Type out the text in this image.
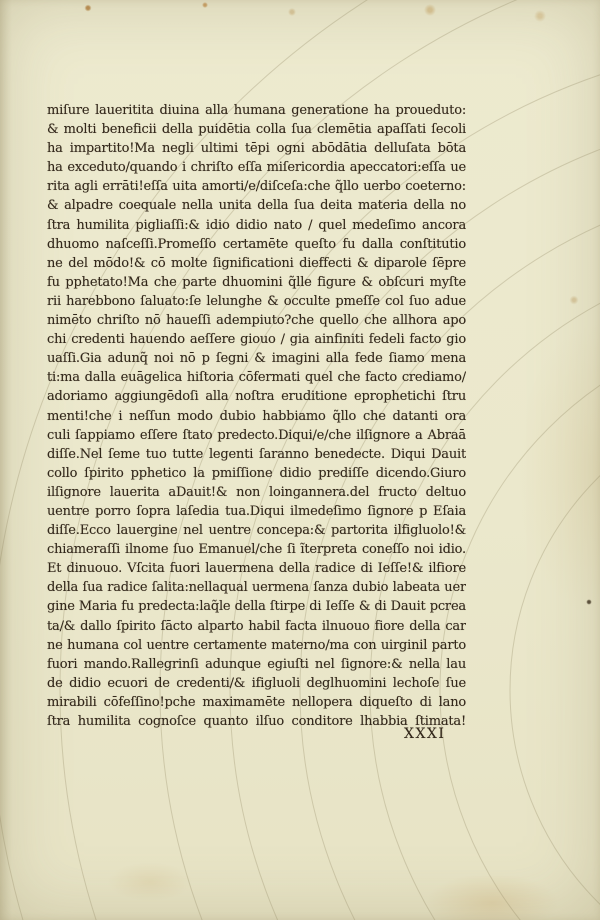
miſure laueritita diuina alla humana generatione ha proueduto:
& molti beneficii della puidētia colla ſua clemētia apaſſati ſecoli
ha impartito!Ma negli ultimi tēpi ogni abōdātia delluſata bōta
ha exceduto/quando i chriſto eſſa miſericordia apeccatori:eſſa ue
rita agli errāti!eſſa uita amorti/e/diſceſa:che q̃llo uerbo coeterno:
& alpadre coequale nella unita della ſua deita materia della no
ſtra humilita pigliaſſi:& idio didio nato / quel medeſimo ancora
dhuomo naſceſſi.Promeſſo certamēte queſto fu dalla conſtitutio
ne del mōdo!& cō molte ſignificationi dieffecti & diparole ſēpre
fu pphetato!Ma che parte dhuomini q̃lle figure & obſcuri myſte
rii harebbono ſaluato:ſe lelunghe & occulte pmeſſe col ſuo adue
nimēto chriſto nō haueſſi adempiuto?che quello che allhora apo
chi credenti hauendo aeſſere giouo / gia ainfiniti fedeli facto gio
uaſſi.Gia adunq̃ noi nō p ſegni & imagini alla fede ſiamo mena
ti:ma dalla euāgelica hiſtoria cōfermati quel che facto crediamo/
adoriamo aggiungēdoſi alla noſtra eruditione eprophetichi ſtru
menti!che i neſſun modo dubio habbiamo q̃llo che datanti ora
culi ſappiamo eſſere ſtato predecto.Diqui/e/che ilſignore a Abraā
diſſe.Nel ſeme tuo tutte legenti ſaranno benedecte. Diqui Dauit
collo ſpirito pphetico la pmiſſione didio prediſſe dicendo.Giuro
ilſignore lauerita aDauit!& non loingannera.del fructo deltuo
uentre porro ſopra laſedia tua.Diqui ilmedeſimo ſignore p Eſaia
diſſe.Ecco lauergine nel uentre concepa:& partorita ilfigluolo!&
chiameraſſi ilnome ſuo Emanuel/che ſi ĩterpreta coneſſo noi idio.
Et dinuouo. Vſcita fuori lauermena della radice di Ieſſe!& ilfiore
della ſua radice ſalita:nellaqual uermena ſanza dubio labeata uer
gine Maria fu predecta:laq̃le della ſtirpe di Ieſſe & di Dauit pcrea
ta/& dallo ſpirito ſācto alparto habil facta ilnuouo fiore della car
ne humana col uentre certamente materno/ma con uirginil parto
fuori mando.Rallegrinſi adunque egiuſti nel ſignore:& nella lau
de didio ecuori de credenti/& ifigluoli deglhuomini lechoſe ſue
mirabili cōfeſſino!pche maximamēte nellopera diqueſto di lano
ſtra humilita cognoſce quanto ilſuo conditore lhabbia ſtimata!
XXXI
